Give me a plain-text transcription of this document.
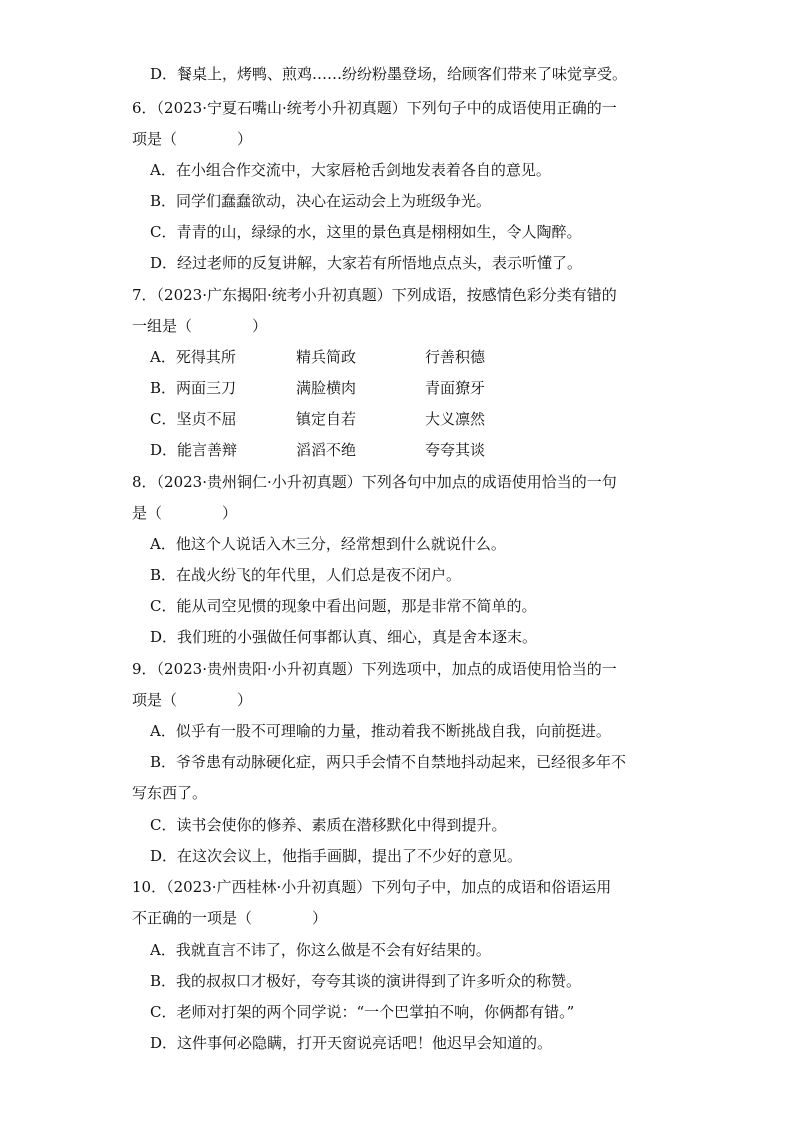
D．餐桌上，烤鸭、煎鸡……纷纷粉墨登场，给顾客们带来了味觉享受。
6．（2023·宁夏石嘴山·统考小升初真题）下列句子中的成语使用正确的一
项是（	）
A．在小组合作交流中，大家唇枪舌剑地发表着各自的意见。
B．同学们蠢蠢欲动，决心在运动会上为班级争光。
C．青青的山，绿绿的水，这里的景色真是栩栩如生，令人陶醉。
D．经过老师的反复讲解，大家若有所悟地点点头，表示听懂了。
7．（2023·广东揭阳·统考小升初真题）下列成语，按感情色彩分类有错的
一组是（	）
A．死得其所	精兵简政	行善积德
B．两面三刀	满脸横肉	青面獠牙
C．坚贞不屈	镇定自若	大义凛然
D．能言善辩	滔滔不绝	夸夸其谈
8．（2023·贵州铜仁·小升初真题）下列各句中加点的成语使用恰当的一句
是（	）
A．他这个人说话入木三分，经常想到什么就说什么。
B．在战火纷飞的年代里，人们总是夜不闭户。
C．能从司空见惯的现象中看出问题，那是非常不简单的。
D．我们班的小强做任何事都认真、细心，真是舍本逐末。
9．（2023·贵州贵阳·小升初真题）下列选项中，加点的成语使用恰当的一
项是（	）
A．似乎有一股不可理喻的力量，推动着我不断挑战自我，向前挺进。
B．爷爷患有动脉硬化症，两只手会情不自禁地抖动起来，已经很多年不
写东西了。
C．读书会使你的修养、素质在潜移默化中得到提升。
D．在这次会议上，他指手画脚，提出了不少好的意见。
10．（2023·广西桂林·小升初真题）下列句子中，加点的成语和俗语运用
不正确的一项是（	）
A．我就直言不讳了，你这么做是不会有好结果的。
B．我的叔叔口才极好，夸夸其谈的演讲得到了许多听众的称赞。
C．老师对打架的两个同学说：“一个巴掌拍不响，你俩都有错。”
D．这件事何必隐瞒，打开天窗说亮话吧！他迟早会知道的。
